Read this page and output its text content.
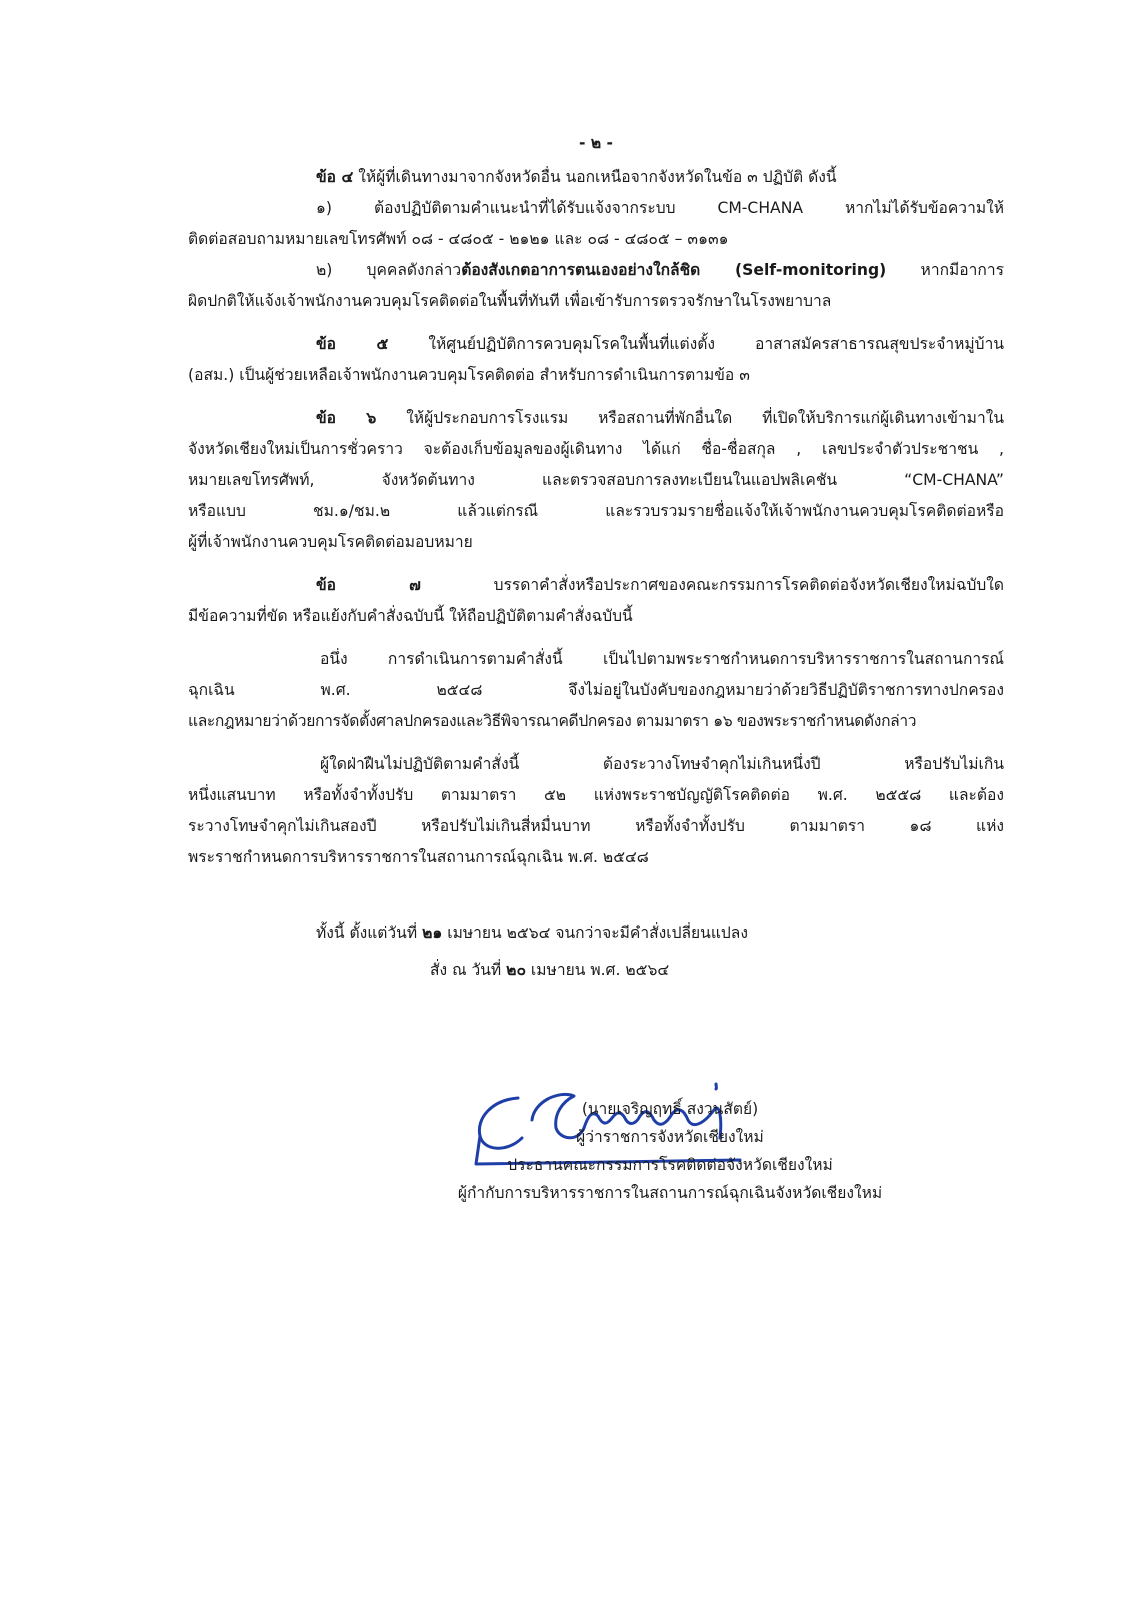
- ๒ -
ข้อ ๔ ให้ผู้ที่เดินทางมาจากจังหวัดอื่น นอกเหนือจากจังหวัดในข้อ ๓ ปฏิบัติ ดังนี้
๑) ต้องปฏิบัติตามคำแนะนำที่ได้รับแจ้งจากระบบ CM-CHANA หากไม่ได้รับข้อความให้
ติดต่อสอบถามหมายเลขโทรศัพท์ ๐๘ - ๔๘๐๕ - ๒๑๒๑ และ ๐๘ - ๔๘๐๕ – ๓๑๓๑
๒) บุคคลดังกล่าวต้องสังเกตอาการตนเองอย่างใกล้ชิด (Self-monitoring) หากมีอาการ
ผิดปกติให้แจ้งเจ้าพนักงานควบคุมโรคติดต่อในพื้นที่ทันที เพื่อเข้ารับการตรวจรักษาในโรงพยาบาล
ข้อ ๕ ให้ศูนย์ปฏิบัติการควบคุมโรคในพื้นที่แต่งตั้ง อาสาสมัครสาธารณสุขประจำหมู่บ้าน
(อสม.) เป็นผู้ช่วยเหลือเจ้าพนักงานควบคุมโรคติดต่อ สำหรับการดำเนินการตามข้อ ๓
ข้อ ๖ ให้ผู้ประกอบการโรงแรม หรือสถานที่พักอื่นใด ที่เปิดให้บริการแก่ผู้เดินทางเข้ามาใน
จังหวัดเชียงใหม่เป็นการชั่วคราว จะต้องเก็บข้อมูลของผู้เดินทาง ได้แก่ ชื่อ-ชื่อสกุล , เลขประจำตัวประชาชน ,
หมายเลขโทรศัพท์, จังหวัดต้นทาง และตรวจสอบการลงทะเบียนในแอปพลิเคชัน “CM-CHANA”
หรือแบบ ชม.๑/ชม.๒ แล้วแต่กรณี และรวบรวมรายชื่อแจ้งให้เจ้าพนักงานควบคุมโรคติดต่อหรือ
ผู้ที่เจ้าพนักงานควบคุมโรคติดต่อมอบหมาย
ข้อ ๗ บรรดาคำสั่งหรือประกาศของคณะกรรมการโรคติดต่อจังหวัดเชียงใหม่ฉบับใด
มีข้อความที่ขัด หรือแย้งกับคำสั่งฉบับนี้ ให้ถือปฏิบัติตามคำสั่งฉบับนี้
อนึ่ง การดำเนินการตามคำสั่งนี้ เป็นไปตามพระราชกำหนดการบริหารราชการในสถานการณ์
ฉุกเฉิน พ.ศ. ๒๕๔๘ จึงไม่อยู่ในบังคับของกฎหมายว่าด้วยวิธีปฏิบัติราชการทางปกครอง
และกฎหมายว่าด้วยการจัดตั้งศาลปกครองและวิธีพิจารณาคดีปกครอง ตามมาตรา ๑๖ ของพระราชกำหนดดังกล่าว
ผู้ใดฝ่าฝืนไม่ปฏิบัติตามคำสั่งนี้ ต้องระวางโทษจำคุกไม่เกินหนึ่งปี หรือปรับไม่เกิน
หนึ่งแสนบาท หรือทั้งจำทั้งปรับ ตามมาตรา ๕๒ แห่งพระราชบัญญัติโรคติดต่อ พ.ศ. ๒๕๕๘ และต้อง
ระวางโทษจำคุกไม่เกินสองปี หรือปรับไม่เกินสี่หมื่นบาท หรือทั้งจำทั้งปรับ ตามมาตรา ๑๘ แห่ง
พระราชกำหนดการบริหารราชการในสถานการณ์ฉุกเฉิน พ.ศ. ๒๕๔๘
ทั้งนี้ ตั้งแต่วันที่ ๒๑ เมษายน ๒๕๖๔ จนกว่าจะมีคำสั่งเปลี่ยนแปลง
สั่ง ณ วันที่ ๒๐ เมษายน พ.ศ. ๒๕๖๔
(นายเจริญฤทธิ์ สงวนสัตย์)
ผู้ว่าราชการจังหวัดเชียงใหม่
ประธานคณะกรรมการโรคติดต่อจังหวัดเชียงใหม่
ผู้กำกับการบริหารราชการในสถานการณ์ฉุกเฉินจังหวัดเชียงใหม่
